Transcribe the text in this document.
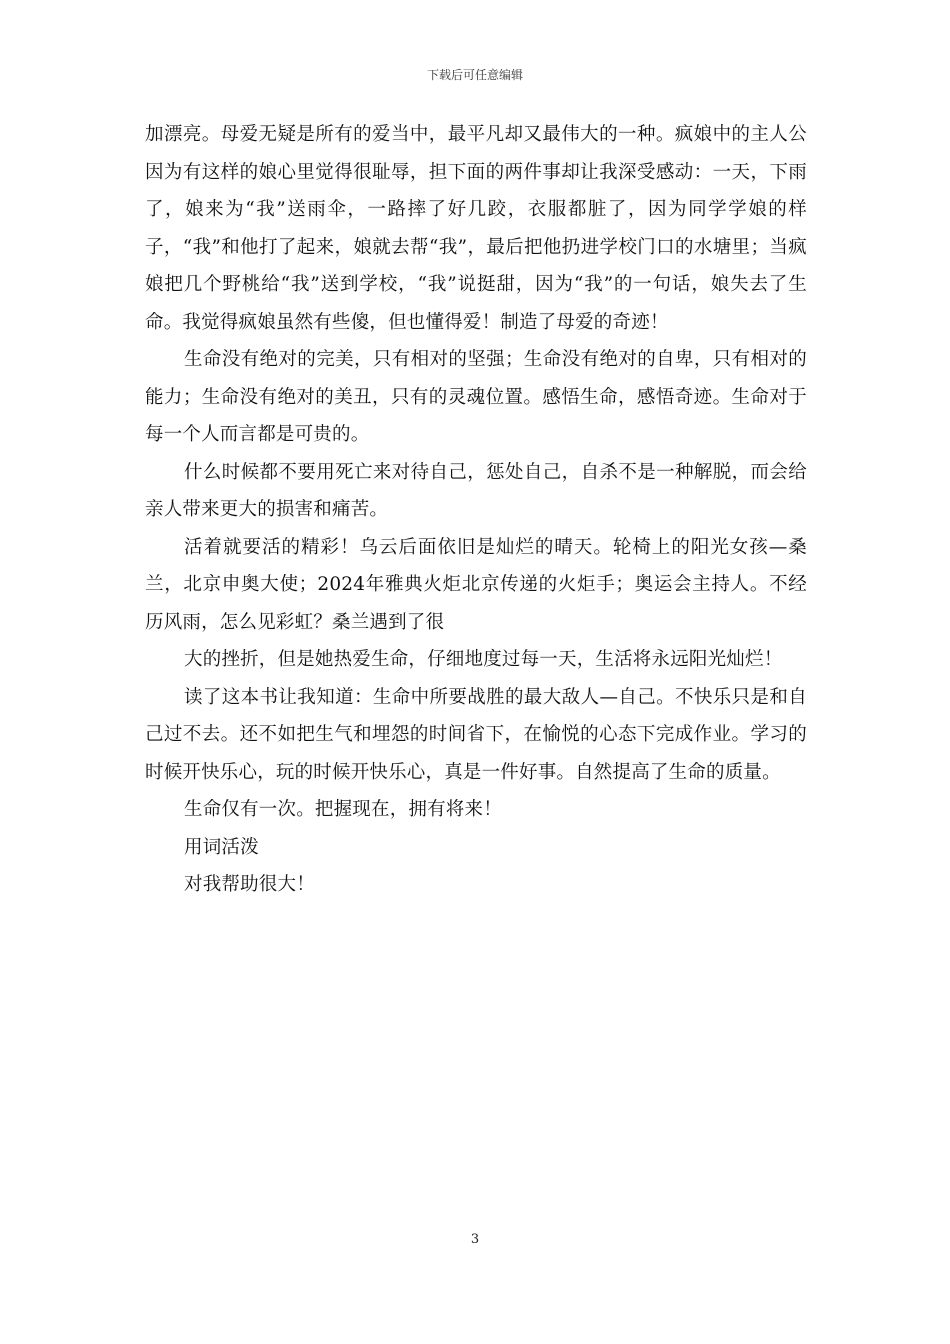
下载后可任意编辑

加漂亮。母爱无疑是所有的爱当中，最平凡却又最伟大的一种。疯娘中的主人公因为有这样的娘心里觉得很耻辱，担下面的两件事却让我深受感动：一天，下雨了，娘来为“我”送雨伞，一路摔了好几跤，衣服都脏了，因为同学学娘的样子，“我”和他打了起来，娘就去帮“我”，最后把他扔进学校门口的水塘里；当疯娘把几个野桃给“我”送到学校，“我”说挺甜，因为“我”的一句话，娘失去了生命。我觉得疯娘虽然有些傻，但也懂得爱！制造了母爱的奇迹！

生命没有绝对的完美，只有相对的坚强；生命没有绝对的自卑，只有相对的能力；生命没有绝对的美丑，只有的灵魂位置。感悟生命，感悟奇迹。生命对于每一个人而言都是可贵的。

什么时候都不要用死亡来对待自己，惩处自己，自杀不是一种解脱，而会给亲人带来更大的损害和痛苦。

活着就要活的精彩！乌云后面依旧是灿烂的晴天。轮椅上的阳光女孩—桑兰，北京申奥大使；2024年雅典火炬北京传递的火炬手；奥运会主持人。不经历风雨，怎么见彩虹？桑兰遇到了很

大的挫折，但是她热爱生命，仔细地度过每一天，生活将永远阳光灿烂！

读了这本书让我知道：生命中所要战胜的最大敌人—自己。不快乐只是和自己过不去。还不如把生气和埋怨的时间省下，在愉悦的心态下完成作业。学习的时候开快乐心，玩的时候开快乐心，真是一件好事。自然提高了生命的质量。

生命仅有一次。把握现在，拥有将来！

用词活泼

对我帮助很大！

3
